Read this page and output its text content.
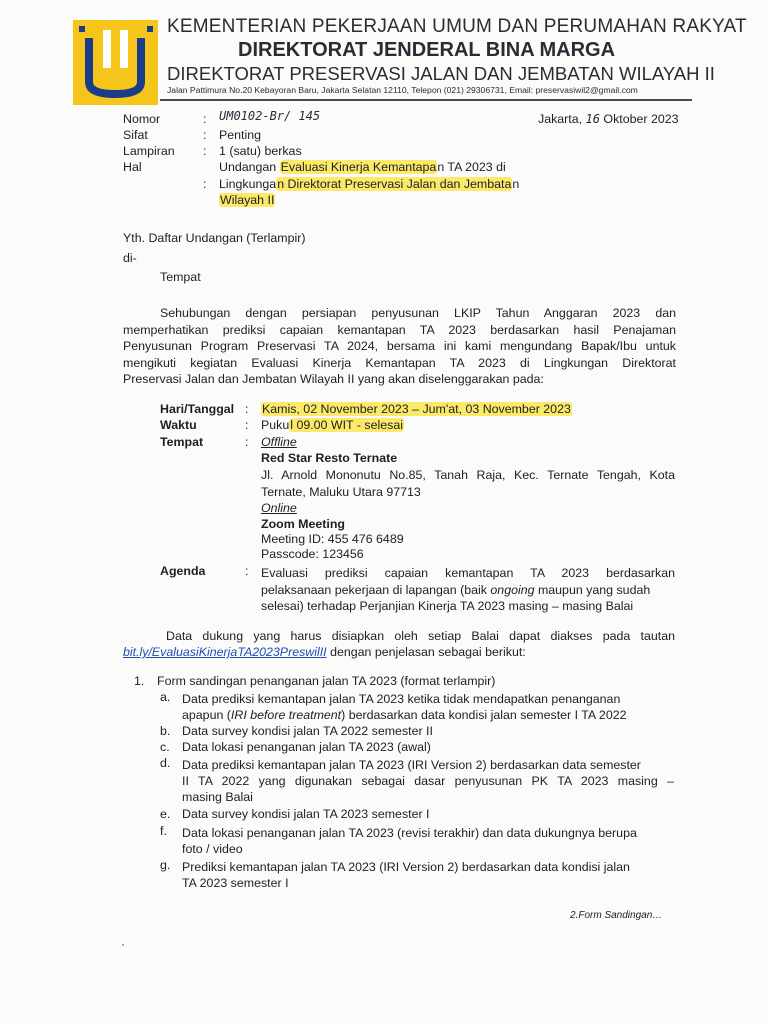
KEMENTERIAN PEKERJAAN UMUM DAN PERUMAHAN RAKYAT
DIREKTORAT JENDERAL BINA MARGA
DIREKTORAT PRESERVASI JALAN DAN JEMBATAN WILAYAH II
Jalan Pattimura No.20 Kebayoran Baru, Jakarta Selatan 12110, Telepon (021) 29306731, Email: preservasiwil2@gmail.com
Nomor	: UM0102-Br/ 145	Jakarta, 16 Oktober 2023
Sifat	: Penting
Lampiran : 1 (satu) berkas
Hal	Undangan Evaluasi Kinerja Kemantapan TA 2023 di
: Lingkungan Direktorat Preservasi Jalan dan Jembatan
Wilayah II
Yth. Daftar Undangan (Terlampir)
di-
Tempat
Sehubungan dengan persiapan penyusunan LKIP Tahun Anggaran 2023 dan
memperhatikan prediksi capaian kemantapan TA 2023 berdasarkan hasil Penajaman
Penyusunan Program Preservasi TA 2024, bersama ini kami mengundang Bapak/Ibu untuk
mengikuti kegiatan Evaluasi Kinerja Kemantapan TA 2023 di Lingkungan Direktorat
Preservasi Jalan dan Jembatan Wilayah II yang akan diselenggarakan pada:
Hari/Tanggal : Kamis, 02 November 2023 – Jum'at, 03 November 2023
Waktu	: Pukul 09.00 WIT - selesai
Tempat	: Offline
Red Star Resto Ternate
Jl. Arnold Mononutu No.85, Tanah Raja, Kec. Ternate Tengah, Kota
Ternate, Maluku Utara 97713
Online
Zoom Meeting
Meeting ID: 455 476 6489
Passcode: 123456
Agenda	: Evaluasi prediksi capaian kemantapan TA 2023 berdasarkan
pelaksanaan pekerjaan di lapangan (baik ongoing maupun yang sudah
selesai) terhadap Perjanjian Kinerja TA 2023 masing – masing Balai
Data dukung yang harus disiapkan oleh setiap Balai dapat diakses pada tautan
bit.ly/EvaluasiKinerjaTA2023PreswilII dengan penjelasan sebagai berikut:
1. Form sandingan penanganan jalan TA 2023 (format terlampir)
a. Data prediksi kemantapan jalan TA 2023 ketika tidak mendapatkan penanganan
apapun (IRI before treatment) berdasarkan data kondisi jalan semester I TA 2022
b. Data survey kondisi jalan TA 2022 semester II
c. Data lokasi penanganan jalan TA 2023 (awal)
d. Data prediksi kemantapan jalan TA 2023 (IRI Version 2) berdasarkan data semester
II TA 2022 yang digunakan sebagai dasar penyusunan PK TA 2023 masing –
masing Balai
e. Data survey kondisi jalan TA 2023 semester I
f. Data lokasi penanganan jalan TA 2023 (revisi terakhir) dan data dukungnya berupa
foto / video
g. Prediksi kemantapan jalan TA 2023 (IRI Version 2) berdasarkan data kondisi jalan
TA 2023 semester I
2.Form Sandingan…
